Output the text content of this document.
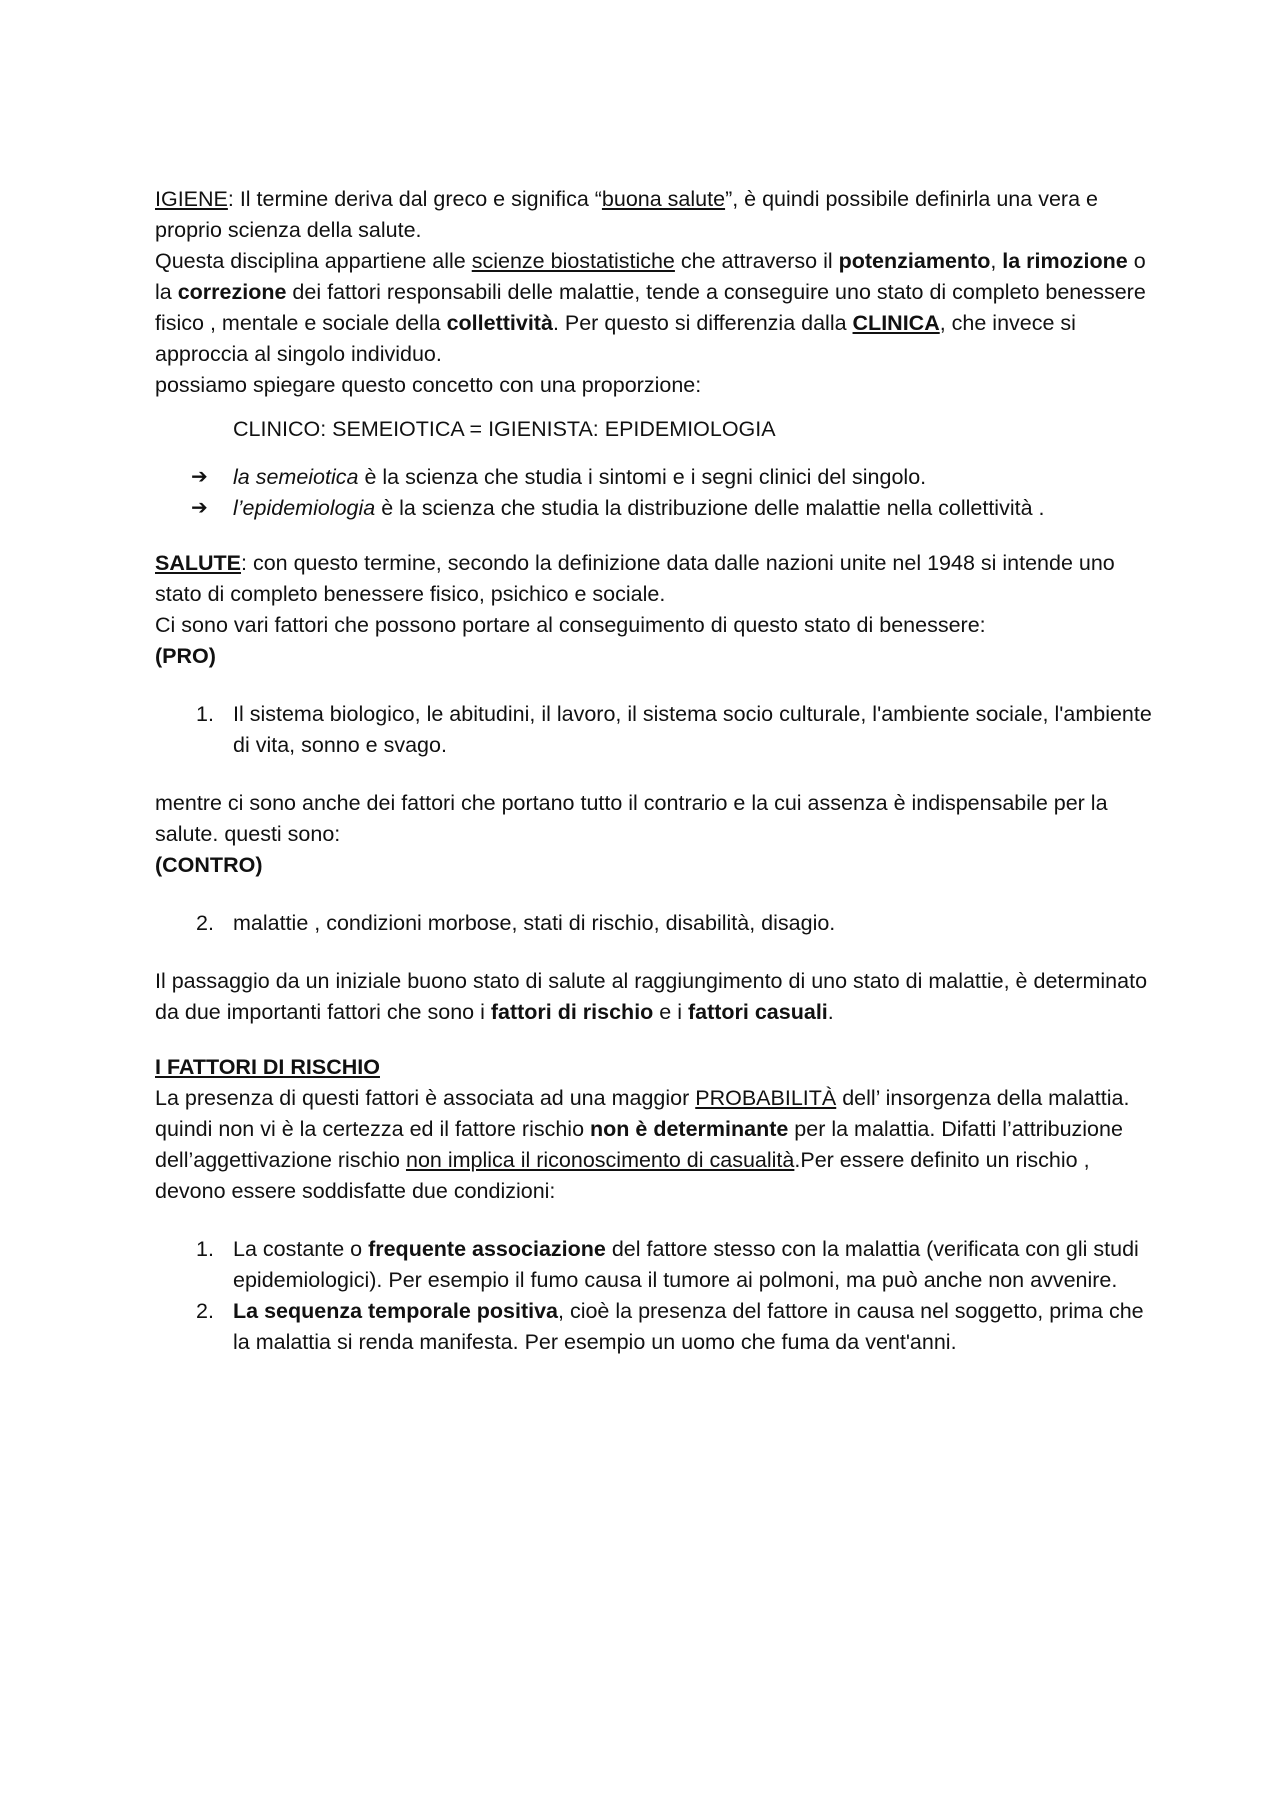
IGIENE: Il termine deriva dal greco e significa “buona salute”, è quindi possibile definirla una vera e proprio scienza della salute.

Questa disciplina appartiene alle scienze biostatistiche che attraverso il potenziamento, la rimozione o la correzione dei fattori responsabili delle malattie, tende a conseguire uno stato di completo benessere fisico , mentale e sociale della collettività. Per questo si differenzia dalla CLINICA, che invece si approccia al singolo individuo.

possiamo spiegare questo concetto con una proporzione:

CLINICO: SEMEIOTICA = IGIENISTA: EPIDEMIOLOGIA

➔ la semeiotica è la scienza che studia i sintomi e i segni clinici del singolo.
➔ l’epidemiologia è la scienza che studia la distribuzione delle malattie nella collettività .

SALUTE: con questo termine, secondo la definizione data dalle nazioni unite nel 1948 si intende uno stato di completo benessere fisico, psichico e sociale.

Ci sono vari fattori che possono portare al conseguimento di questo stato di benessere:

(PRO)

1. Il sistema biologico, le abitudini, il lavoro, il sistema socio culturale, l'ambiente sociale, l'ambiente di vita, sonno e svago.

mentre ci sono anche dei fattori che portano tutto il contrario e la cui assenza è indispensabile per la salute. questi sono:

(CONTRO)

2. malattie , condizioni morbose, stati di rischio, disabilità, disagio.

Il passaggio da un iniziale buono stato di salute al raggiungimento di uno stato di malattie, è determinato da due importanti fattori che sono i fattori di rischio e i fattori casuali.

I FATTORI DI RISCHIO

La presenza di questi fattori è associata ad una maggior PROBABILITÀ dell’ insorgenza della malattia. quindi non vi è la certezza ed il fattore rischio non è determinante per la malattia. Difatti l’attribuzione dell’aggettivazione rischio non implica il riconoscimento di casualità.Per essere definito un rischio , devono essere soddisfatte due condizioni:

1. La costante o frequente associazione del fattore stesso con la malattia (verificata con gli studi epidemiologici). Per esempio il fumo causa il tumore ai polmoni, ma può anche non avvenire.
2. La sequenza temporale positiva, cioè la presenza del fattore in causa nel soggetto, prima che la malattia si renda manifesta. Per esempio un uomo che fuma da vent'anni.
